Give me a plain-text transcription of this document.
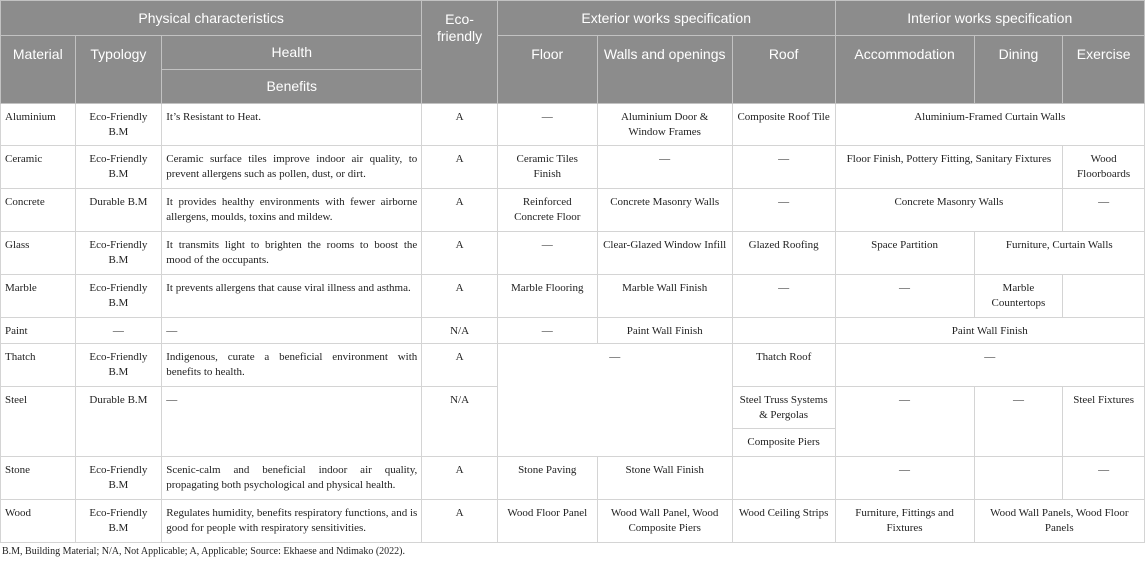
Physical characteristics			Eco-friendly	Exterior works specification			Interior works specification		
Material	Typology	Health		Floor	Walls and openings	Roof	Accommodation	Dining	Exercise
		Benefits							
Aluminium	Eco-Friendly B.M	It’s Resistant to Heat.	A	—	Aluminium Door & Window Frames	Composite Roof Tile	Aluminium-Framed Curtain Walls		
Ceramic	Eco-Friendly B.M	Ceramic surface tiles improve indoor air quality, to prevent allergens such as pollen, dust, or dirt.	A	Ceramic Tiles Finish	—	—	Floor Finish, Pottery Fitting, Sanitary Fixtures		Wood Floorboards
Concrete	Durable B.M	It provides healthy environments with fewer airborne allergens, moulds, toxins and mildew.	A	Reinforced Concrete Floor	Concrete Masonry Walls	—	Concrete Masonry Walls		—
Glass	Eco-Friendly B.M	It transmits light to brighten the rooms to boost the mood of the occupants.	A	—	Clear-Glazed Window Infill	Glazed Roofing	Space Partition	Furniture, Curtain Walls	
Marble	Eco-Friendly B.M	It prevents allergens that cause viral illness and asthma.	A	Marble Flooring	Marble Wall Finish	—	—	Marble Countertops	
Paint	—	—	N/A	—	Paint Wall Finish		Paint Wall Finish		
Thatch	Eco-Friendly B.M	Indigenous, curate a beneficial environment with benefits to health.	A	—		Thatch Roof	—		
Steel	Durable B.M	—	N/A			Steel Truss Systems & Pergolas	—	—	Steel Fixtures
						Composite Piers			
Stone	Eco-Friendly B.M	Scenic-calm and beneficial indoor air quality, propagating both psychological and physical health.	A	Stone Paving	Stone Wall Finish		—		—
Wood	Eco-Friendly B.M	Regulates humidity, benefits respiratory functions, and is good for people with respiratory sensitivities.	A	Wood Floor Panel	Wood Wall Panel, Wood Composite Piers	Wood Ceiling Strips	Furniture, Fittings and Fixtures	Wood Wall Panels, Wood Floor Panels	
B.M, Building Material; N/A, Not Applicable; A, Applicable; Source: Ekhaese and Ndimako (2022).
